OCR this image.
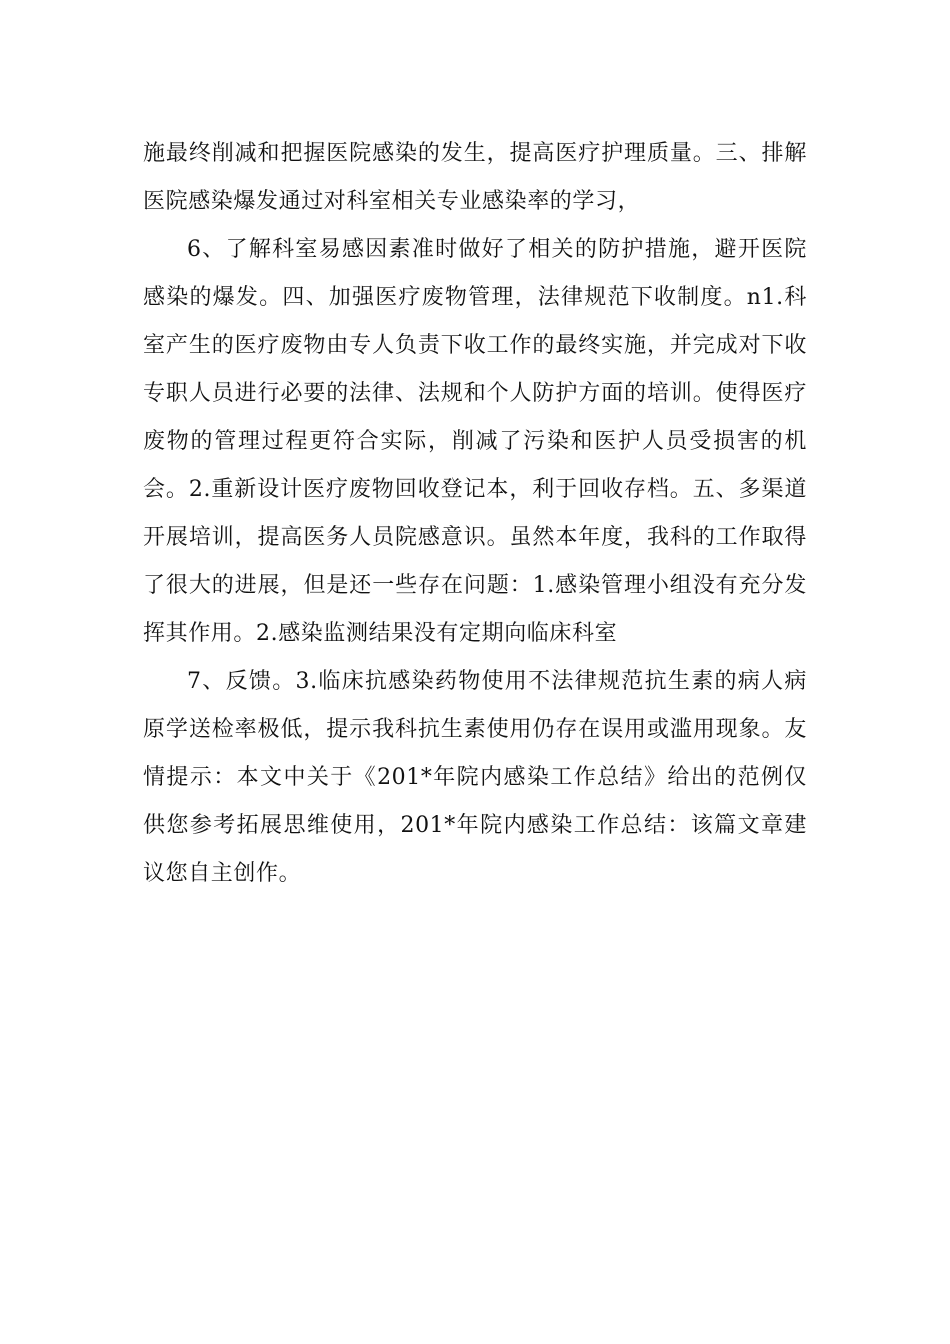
施最终削减和把握医院感染的发生，提高医疗护理质量。三、排解医院感染爆发通过对科室相关专业感染率的学习，

6、了解科室易感因素准时做好了相关的防护措施，避开医院感染的爆发。四、加强医疗废物管理，法律规范下收制度。n1.科室产生的医疗废物由专人负责下收工作的最终实施，并完成对下收专职人员进行必要的法律、法规和个人防护方面的培训。使得医疗废物的管理过程更符合实际，削减了污染和医护人员受损害的机会。2.重新设计医疗废物回收登记本，利于回收存档。五、多渠道开展培训，提高医务人员院感意识。虽然本年度，我科的工作取得了很大的进展，但是还一些存在问题：1.感染管理小组没有充分发挥其作用。2.感染监测结果没有定期向临床科室

7、反馈。3.临床抗感染药物使用不法律规范抗生素的病人病原学送检率极低，提示我科抗生素使用仍存在误用或滥用现象。友情提示：本文中关于《201*年院内感染工作总结》给出的范例仅供您参考拓展思维使用，201*年院内感染工作总结：该篇文章建议您自主创作。
